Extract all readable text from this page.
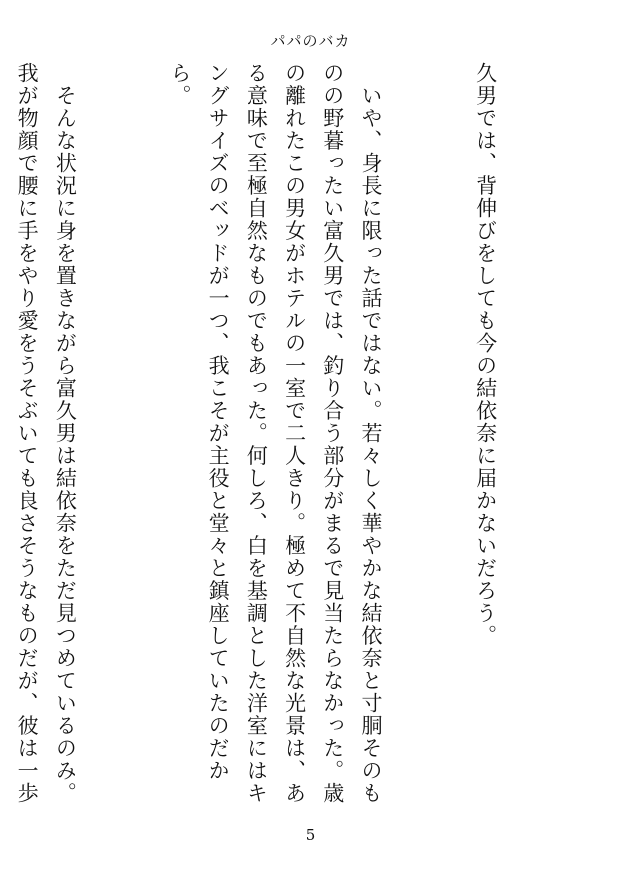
パパのバカ

久男では、背伸びをしても今の結依奈に届かないだろう。

　いや、身長に限った話ではない。若々しく華やかな結依奈と寸胴そのものの野暮ったい富久男では、釣り合う部分がまるで見当たらなかった。歳の離れたこの男女がホテルの一室で二人きり。極めて不自然な光景は、ある意味で至極自然なものでもあった。何しろ、白を基調とした洋室にはキングサイズのベッドが一つ、我こそが主役と堂々と鎮座していたのだから。

　そんな状況に身を置きながら富久男は結依奈をただ見つめているのみ。我が物顔で腰に手をやり愛をうそぶいても良さそうなものだが、彼は一歩

5
